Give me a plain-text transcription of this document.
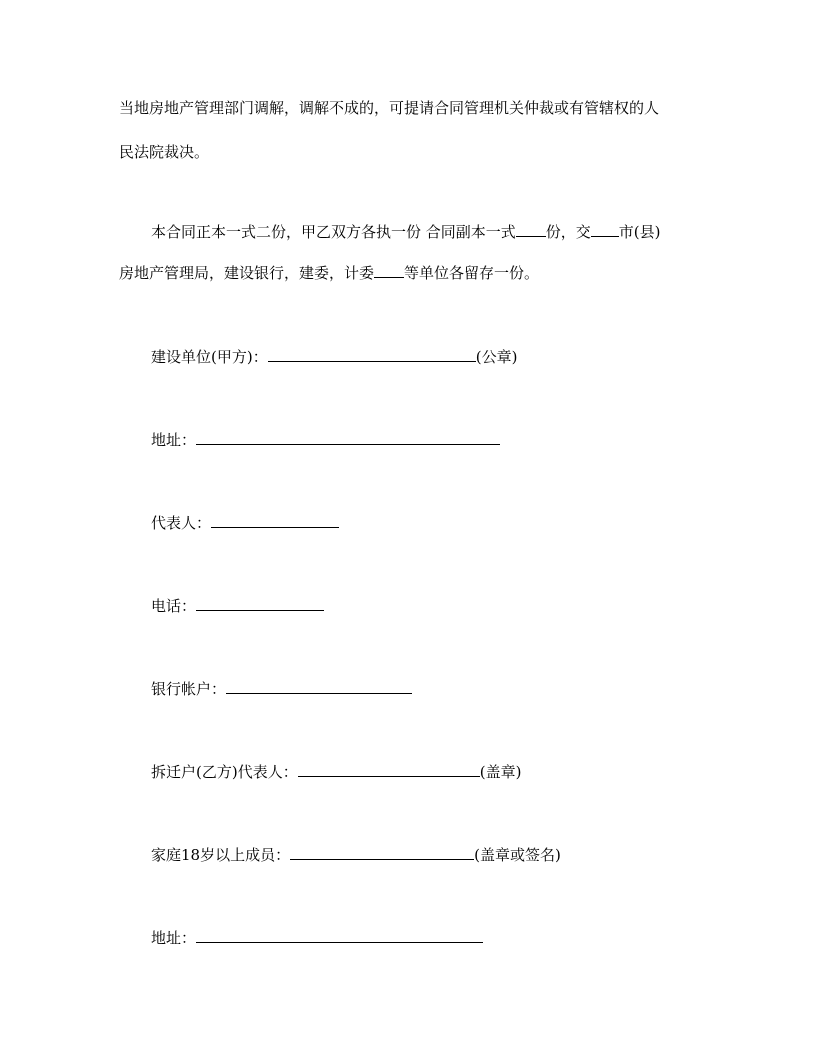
当地房地产管理部门调解，调解不成的，可提请合同管理机关仲裁或有管辖权的人
民法院裁决。
本合同正本一式二份，甲乙双方各执一份 合同副本一式 份，交 市(县)
房地产管理局，建设银行，建委，计委 等单位各留存一份。
建设单位(甲方)：	(公章)
地址：
代表人：
电话：
银行帐户：
拆迁户(乙方)代表人：	(盖章)
家庭18岁以上成员：	(盖章或签名)
地址：
